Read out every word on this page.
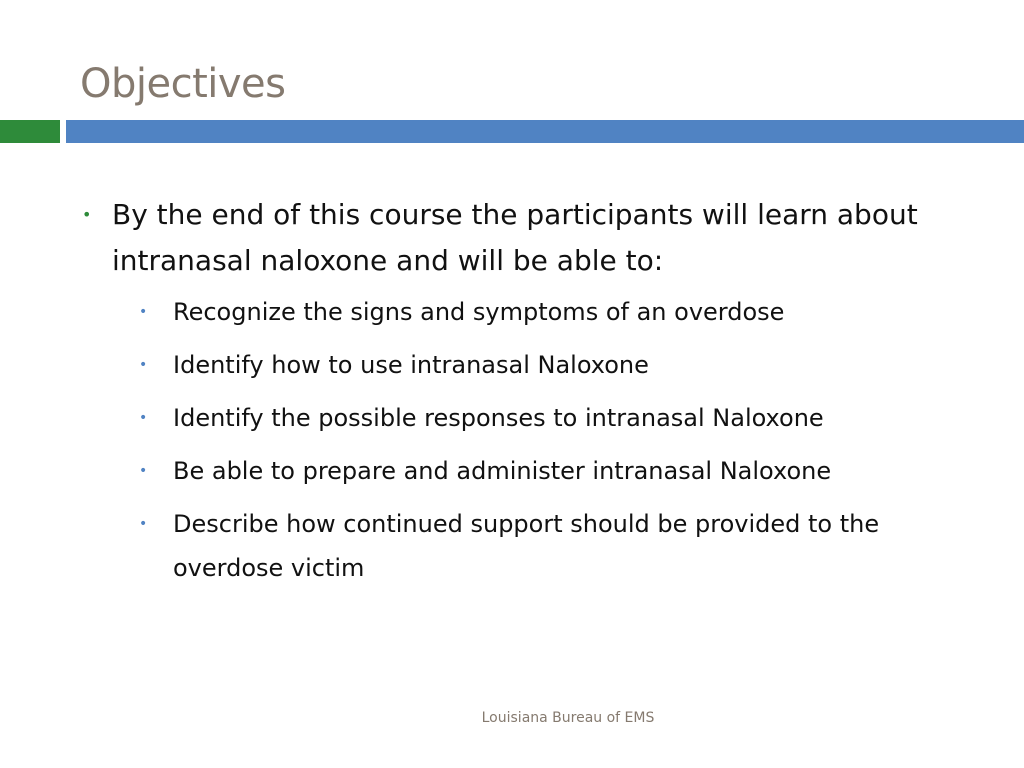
Objectives
• By the end of this course the participants will learn about intranasal naloxone and will be able to:
• Recognize the signs and symptoms of an overdose
• Identify how to use intranasal Naloxone
• Identify the possible responses to intranasal Naloxone
• Be able to prepare and administer intranasal Naloxone
• Describe how continued support should be provided to the overdose victim
Louisiana Bureau of EMS
